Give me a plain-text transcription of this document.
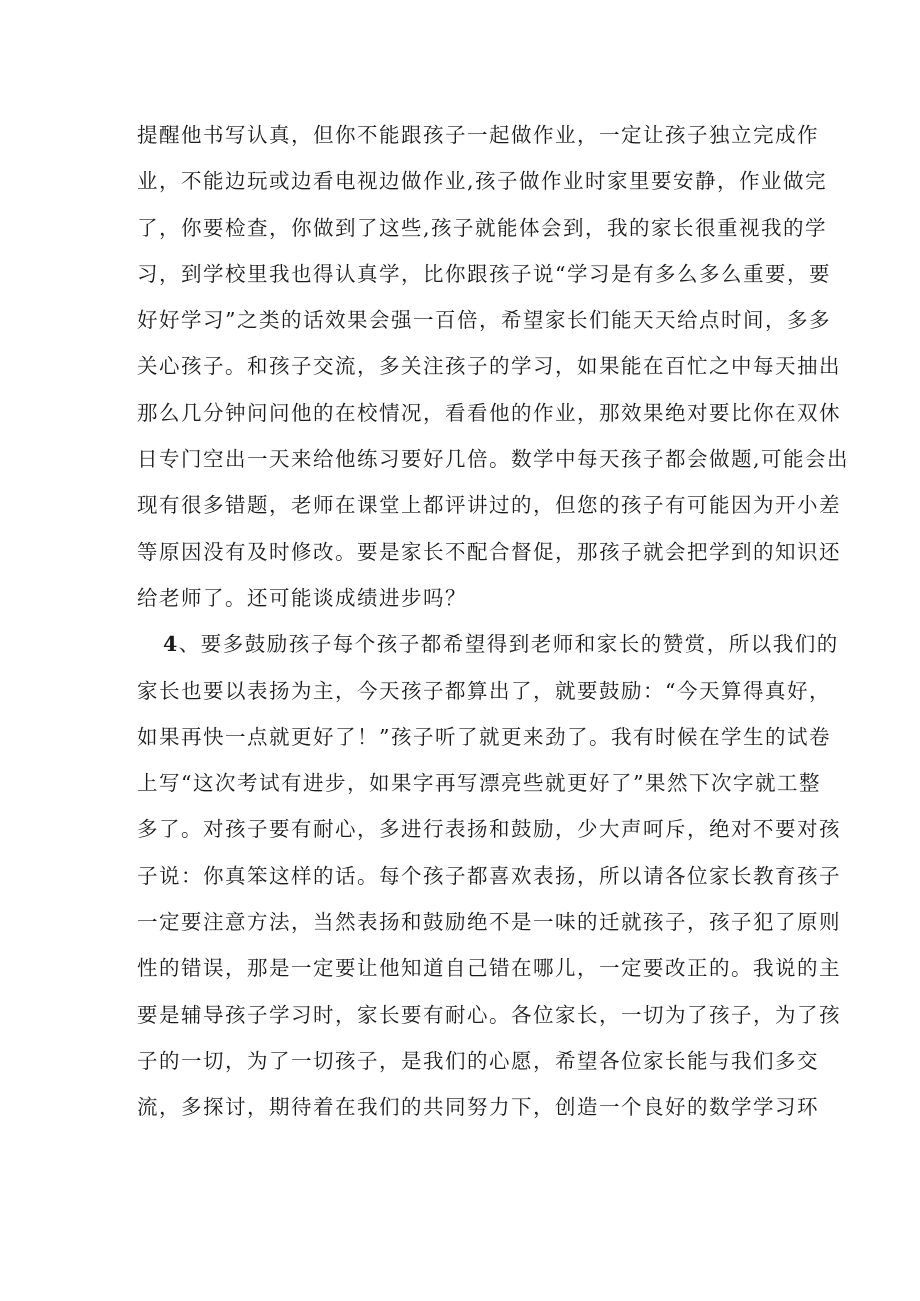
提醒他书写认真，但你不能跟孩子一起做作业，一定让孩子独立完成作
业，不能边玩或边看电视边做作业,孩子做作业时家里要安静，作业做完
了，你要检查，你做到了这些,孩子就能体会到，我的家长很重视我的学
习，到学校里我也得认真学，比你跟孩子说“学习是有多么多么重要，要
好好学习”之类的话效果会强一百倍，希望家长们能天天给点时间，多多
关心孩子。和孩子交流，多关注孩子的学习，如果能在百忙之中每天抽出
那么几分钟问问他的在校情况，看看他的作业，那效果绝对要比你在双休
日专门空出一天来给他练习要好几倍。数学中每天孩子都会做题,可能会出
现有很多错题，老师在课堂上都评讲过的，但您的孩子有可能因为开小差
等原因没有及时修改。要是家长不配合督促，那孩子就会把学到的知识还
给老师了。还可能谈成绩进步吗？
4、要多鼓励孩子每个孩子都希望得到老师和家长的赞赏，所以我们的
家长也要以表扬为主，今天孩子都算出了，就要鼓励：“今天算得真好，
如果再快一点就更好了！”孩子听了就更来劲了。我有时候在学生的试卷
上写“这次考试有进步，如果字再写漂亮些就更好了”果然下次字就工整
多了。对孩子要有耐心，多进行表扬和鼓励，少大声呵斥，绝对不要对孩
子说：你真笨这样的话。每个孩子都喜欢表扬，所以请各位家长教育孩子
一定要注意方法，当然表扬和鼓励绝不是一味的迁就孩子，孩子犯了原则
性的错误，那是一定要让他知道自己错在哪儿，一定要改正的。我说的主
要是辅导孩子学习时，家长要有耐心。各位家长，一切为了孩子，为了孩
子的一切，为了一切孩子，是我们的心愿，希望各位家长能与我们多交
流，多探讨，期待着在我们的共同努力下，创造一个良好的数学学习环
